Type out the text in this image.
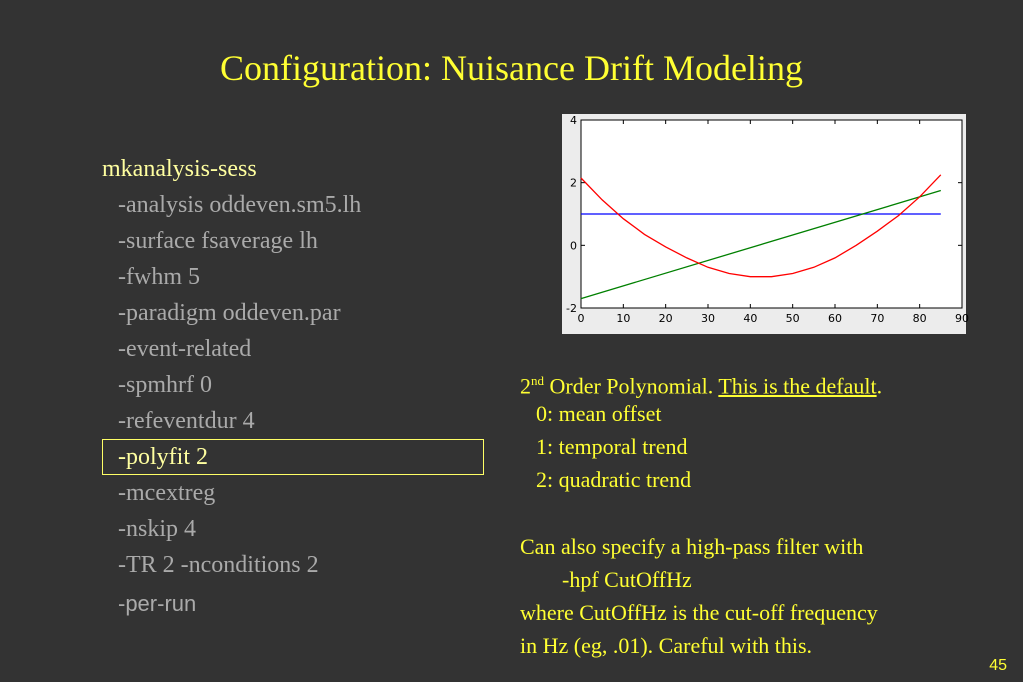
Configuration: Nuisance Drift Modeling
mkanalysis-sess
-analysis oddeven.sm5.lh
-surface fsaverage lh
-fwhm 5
-paradigm oddeven.par
-event-related
-spmhrf 0
-refeventdur 4
-polyfit 2
-mcextreg
-nskip 4
-TR 2 -nconditions 2
-per-run
0	10	20	30	40	50	60	70	80	90
-2
0
2
4
2nd Order Polynomial. This is the default.
0: mean offset
1: temporal trend
2: quadratic trend
Can also specify a high-pass filter with
-hpf CutOffHz
where CutOffHz is the cut-off frequency
in Hz (eg, .01). Careful with this.
45
